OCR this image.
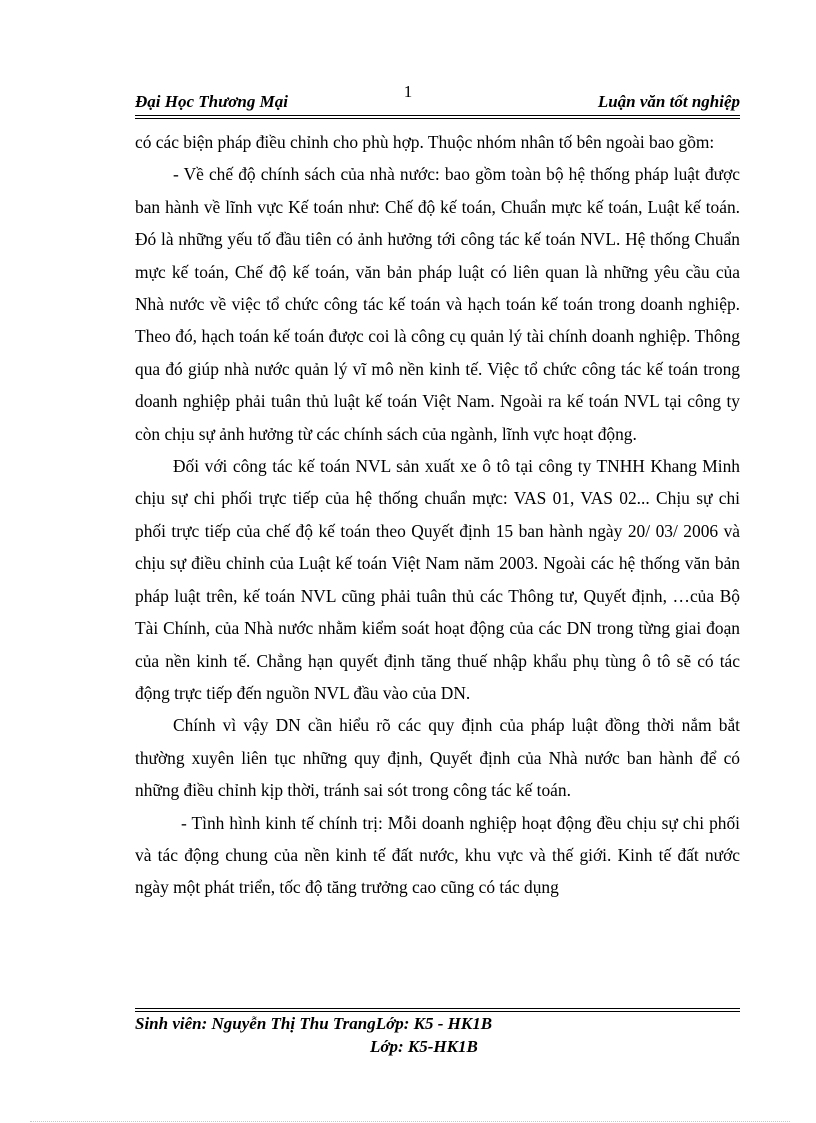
1
Đại Học Thương Mại	Luận văn tốt nghiệp

có các biện pháp điều chỉnh cho phù hợp. Thuộc nhóm nhân tố bên ngoài bao gồm:

- Về chế độ chính sách của nhà nước: bao gồm toàn bộ hệ thống pháp luật được ban hành về lĩnh vực Kế toán như: Chế độ kế toán, Chuẩn mực kế toán, Luật kế toán. Đó là những yếu tố đầu tiên có ảnh hưởng tới công tác kế toán NVL. Hệ thống Chuẩn mực kế toán, Chế độ kế toán, văn bản pháp luật có liên quan là những yêu cầu của Nhà nước về việc tổ chức công tác kế toán và hạch toán kế toán trong doanh nghiệp. Theo đó, hạch toán kế toán được coi là công cụ quản lý tài chính doanh nghiệp. Thông qua đó giúp nhà nước quản lý vĩ mô nền kinh tế. Việc tổ chức công tác kế toán trong doanh nghiệp phải tuân thủ luật kế toán Việt Nam. Ngoài ra kế toán NVL tại công ty còn chịu sự ảnh hưởng từ các chính sách của ngành, lĩnh vực hoạt động.

Đối với công tác kế toán NVL sản xuất xe ô tô tại công ty TNHH Khang Minh chịu sự chi phối trực tiếp của hệ thống chuẩn mực: VAS 01, VAS 02... Chịu sự chi phối trực tiếp của chế độ kế toán theo Quyết định 15 ban hành ngày 20/ 03/ 2006 và chịu sự điều chỉnh của Luật kế toán Việt Nam năm 2003. Ngoài các hệ thống văn bản pháp luật trên, kế toán NVL cũng phải tuân thủ các Thông tư, Quyết định, …của Bộ Tài Chính, của Nhà nước nhằm kiểm soát hoạt động của các DN trong từng giai đoạn của nền kinh tế. Chẳng hạn quyết định tăng thuế nhập khẩu phụ tùng ô tô sẽ có tác động trực tiếp đến nguồn NVL đầu vào của DN.

Chính vì vậy DN cần hiểu rõ các quy định của pháp luật đồng thời nắm bắt thường xuyên liên tục những quy định, Quyết định của Nhà nước ban hành để có những điều chỉnh kịp thời, tránh sai sót trong công tác kế toán.

- Tình hình kinh tế chính trị: Mỗi doanh nghiệp hoạt động đều chịu sự chi phối và tác động chung của nền kinh tế đất nước, khu vực và thế giới. Kinh tế đất nước ngày một phát triển, tốc độ tăng trưởng cao cũng có tác dụng

Sinh viên: Nguyễn Thị Thu TrangLớp: K5 - HK1B
Lớp: K5-HK1B
